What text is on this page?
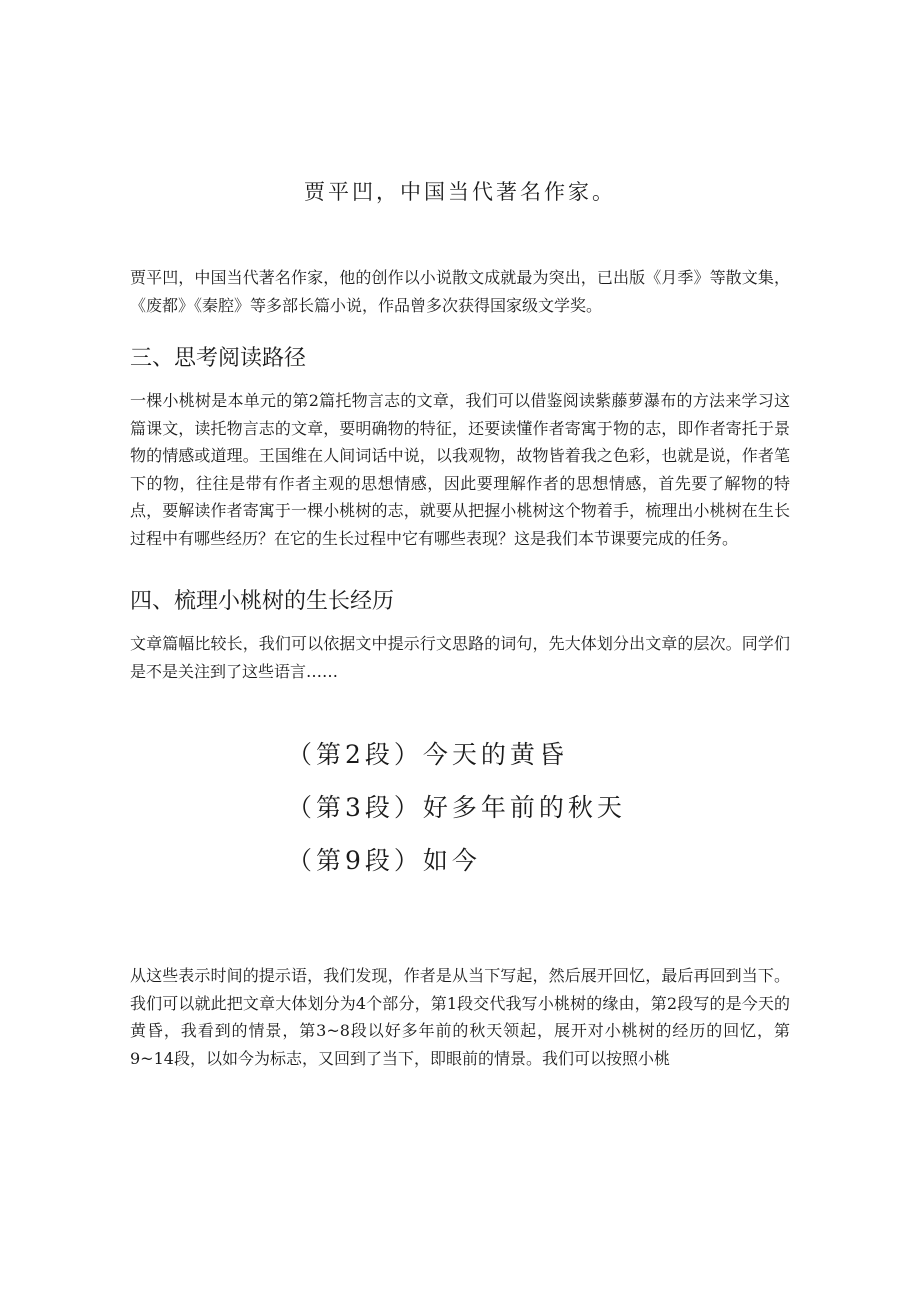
贾平凹，中国当代著名作家。

贾平凹，中国当代著名作家，他的创作以小说散文成就最为突出，已出版《月季》等散文集，《废都》《秦腔》等多部长篇小说，作品曾多次获得国家级文学奖。

三、思考阅读路径

一棵小桃树是本单元的第2篇托物言志的文章，我们可以借鉴阅读紫藤萝瀑布的方法来学习这篇课文，读托物言志的文章，要明确物的特征，还要读懂作者寄寓于物的志，即作者寄托于景物的情感或道理。王国维在人间词话中说，以我观物，故物皆着我之色彩，也就是说，作者笔下的物，往往是带有作者主观的思想情感，因此要理解作者的思想情感，首先要了解物的特点，要解读作者寄寓于一棵小桃树的志，就要从把握小桃树这个物着手，梳理出小桃树在生长过程中有哪些经历？在它的生长过程中它有哪些表现？这是我们本节课要完成的任务。

四、梳理小桃树的生长经历

文章篇幅比较长，我们可以依据文中提示行文思路的词句，先大体划分出文章的层次。同学们是不是关注到了这些语言……

（第2段）今天的黄昏
（第3段）好多年前的秋天
（第9段）如今

从这些表示时间的提示语，我们发现，作者是从当下写起，然后展开回忆，最后再回到当下。我们可以就此把文章大体划分为4个部分，第1段交代我写小桃树的缘由，第2段写的是今天的黄昏，我看到的情景，第3~8段以好多年前的秋天领起，展开对小桃树的经历的回忆，第9~14段，以如今为标志，又回到了当下，即眼前的情景。我们可以按照小桃
